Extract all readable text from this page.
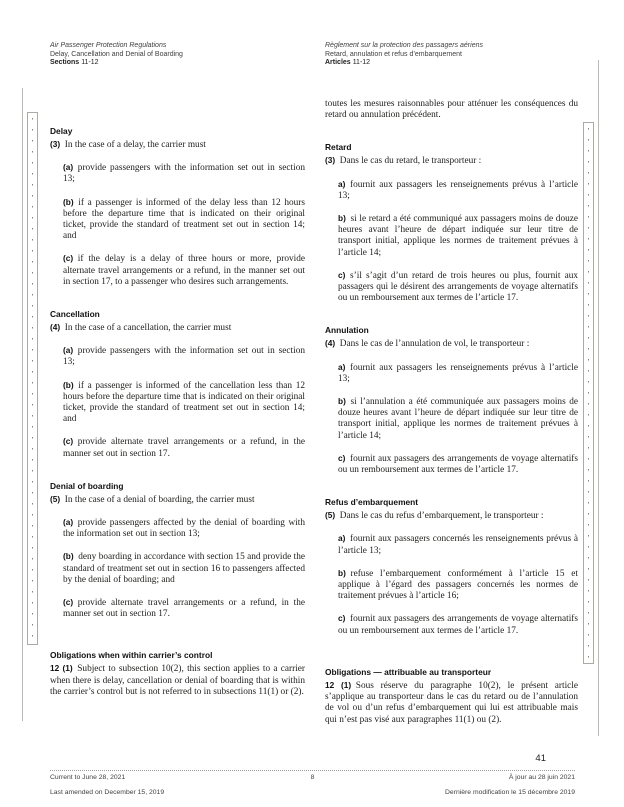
Air Passenger Protection Regulations
Delay, Cancellation and Denial of Boarding
Sections 11-12
Règlement sur la protection des passagers aériens
Retard, annulation et refus d’embarquement
Articles 11-12
Delay

(3) In the case of a delay, the carrier must

(a) provide passengers with the information set out in section 13;

(b) if a passenger is informed of the delay less than 12 hours before the departure time that is indicated on their original ticket, provide the standard of treatment set out in section 14; and

(c) if the delay is a delay of three hours or more, provide alternate travel arrangements or a refund, in the manner set out in section 17, to a passenger who desires such arrangements.

Cancellation

(4) In the case of a cancellation, the carrier must

(a) provide passengers with the information set out in section 13;

(b) if a passenger is informed of the cancellation less than 12 hours before the departure time that is indicated on their original ticket, provide the standard of treatment set out in section 14; and

(c) provide alternate travel arrangements or a refund, in the manner set out in section 17.

Denial of boarding

(5) In the case of a denial of boarding, the carrier must

(a) provide passengers affected by the denial of boarding with the information set out in section 13;

(b) deny boarding in accordance with section 15 and provide the standard of treatment set out in section 16 to passengers affected by the denial of boarding; and

(c) provide alternate travel arrangements or a refund, in the manner set out in section 17.

Obligations when within carrier’s control

12 (1) Subject to subsection 10(2), this section applies to a carrier when there is delay, cancellation or denial of boarding that is within the carrier’s control but is not referred to in subsections 11(1) or (2).

toutes les mesures raisonnables pour atténuer les conséquences du retard ou annulation précédent.

Retard

(3) Dans le cas du retard, le transporteur :

a) fournit aux passagers les renseignements prévus à l’article 13;

b) si le retard a été communiqué aux passagers moins de douze heures avant l’heure de départ indiquée sur leur titre de transport initial, applique les normes de traitement prévues à l’article 14;

c) s’il s’agit d’un retard de trois heures ou plus, fournit aux passagers qui le désirent des arrangements de voyage alternatifs ou un remboursement aux termes de l’article 17.

Annulation

(4) Dans le cas de l’annulation de vol, le transporteur :

a) fournit aux passagers les renseignements prévus à l’article 13;

b) si l’annulation a été communiquée aux passagers moins de douze heures avant l’heure de départ indiquée sur leur titre de transport initial, applique les normes de traitement prévues à l’article 14;

c) fournit aux passagers des arrangements de voyage alternatifs ou un remboursement aux termes de l’article 17.

Refus d’embarquement

(5) Dans le cas du refus d’embarquement, le transporteur :

a) fournit aux passagers concernés les renseignements prévus à l’article 13;

b) refuse l’embarquement conformément à l’article 15 et applique à l’égard des passagers concernés les normes de traitement prévues à l’article 16;

c) fournit aux passagers des arrangements de voyage alternatifs ou un remboursement aux termes de l’article 17.

Obligations — attribuable au transporteur

12 (1) Sous réserve du paragraphe 10(2), le présent article s’applique au transporteur dans le cas du retard ou de l’annulation de vol ou d’un refus d’embarquement qui lui est attribuable mais qui n’est pas visé aux paragraphes 11(1) ou (2).

41
Current to June 28, 2021
Last amended on December 15, 2019
8	À jour au 28 juin 2021
Dernière modification le 15 décembre 2019
